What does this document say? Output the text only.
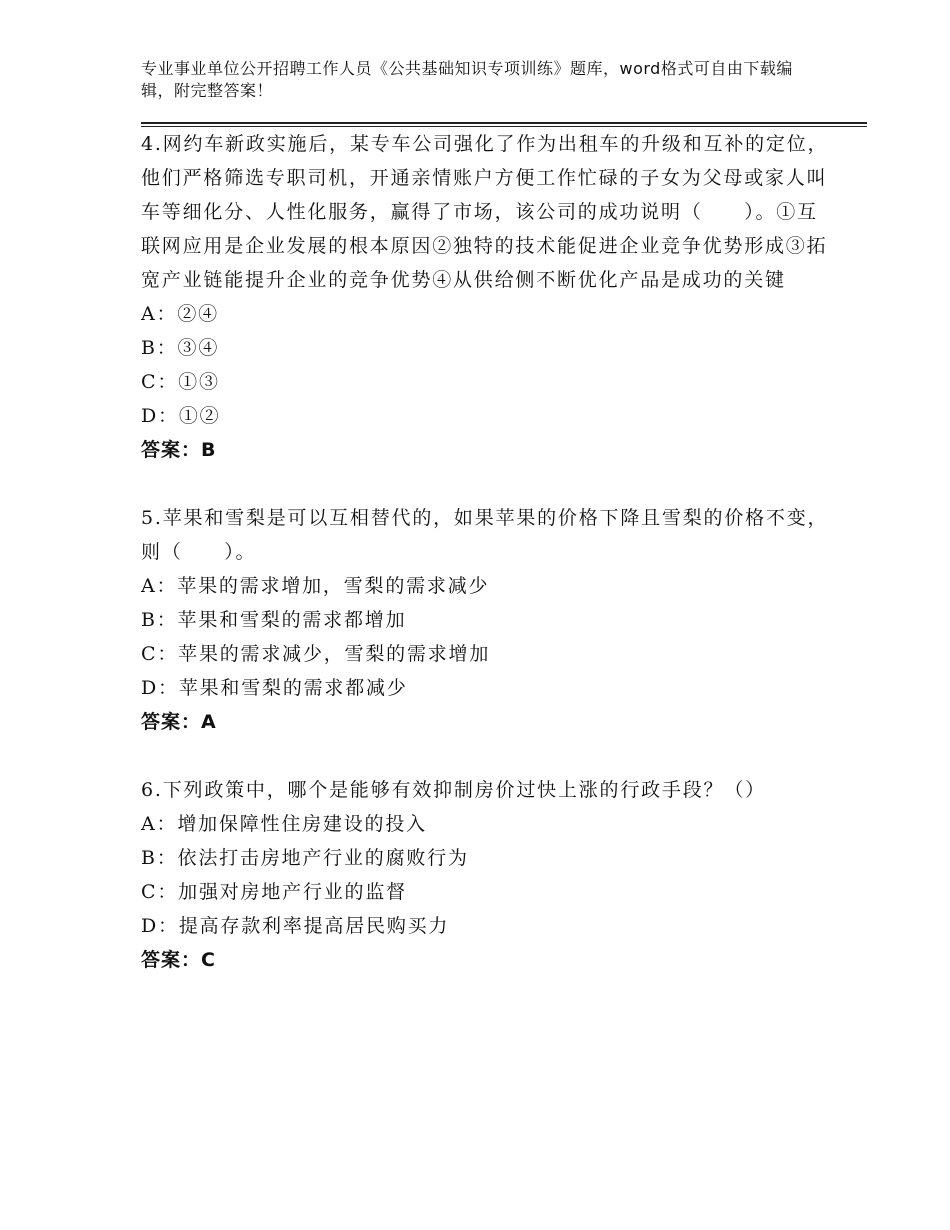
专业事业单位公开招聘工作人员《公共基础知识专项训练》题库，word格式可自由下载编辑，附完整答案！

4.网约车新政实施后，某专车公司强化了作为出租车的升级和互补的定位，他们严格筛选专职司机，开通亲情账户方便工作忙碌的子女为父母或家人叫车等细化分、人性化服务，赢得了市场，该公司的成功说明（　　）。①互联网应用是企业发展的根本原因②独特的技术能促进企业竞争优势形成③拓宽产业链能提升企业的竞争优势④从供给侧不断优化产品是成功的关键

A：②④

B：③④

C：①③

D：①②

答案：B

5.苹果和雪梨是可以互相替代的，如果苹果的价格下降且雪梨的价格不变，则（　　）。

A：苹果的需求增加，雪梨的需求减少

B：苹果和雪梨的需求都增加

C：苹果的需求减少，雪梨的需求增加

D：苹果和雪梨的需求都减少

答案：A

6.下列政策中，哪个是能够有效抑制房价过快上涨的行政手段？（）

A：增加保障性住房建设的投入

B：依法打击房地产行业的腐败行为

C：加强对房地产行业的监督

D：提高存款利率提高居民购买力

答案：C
